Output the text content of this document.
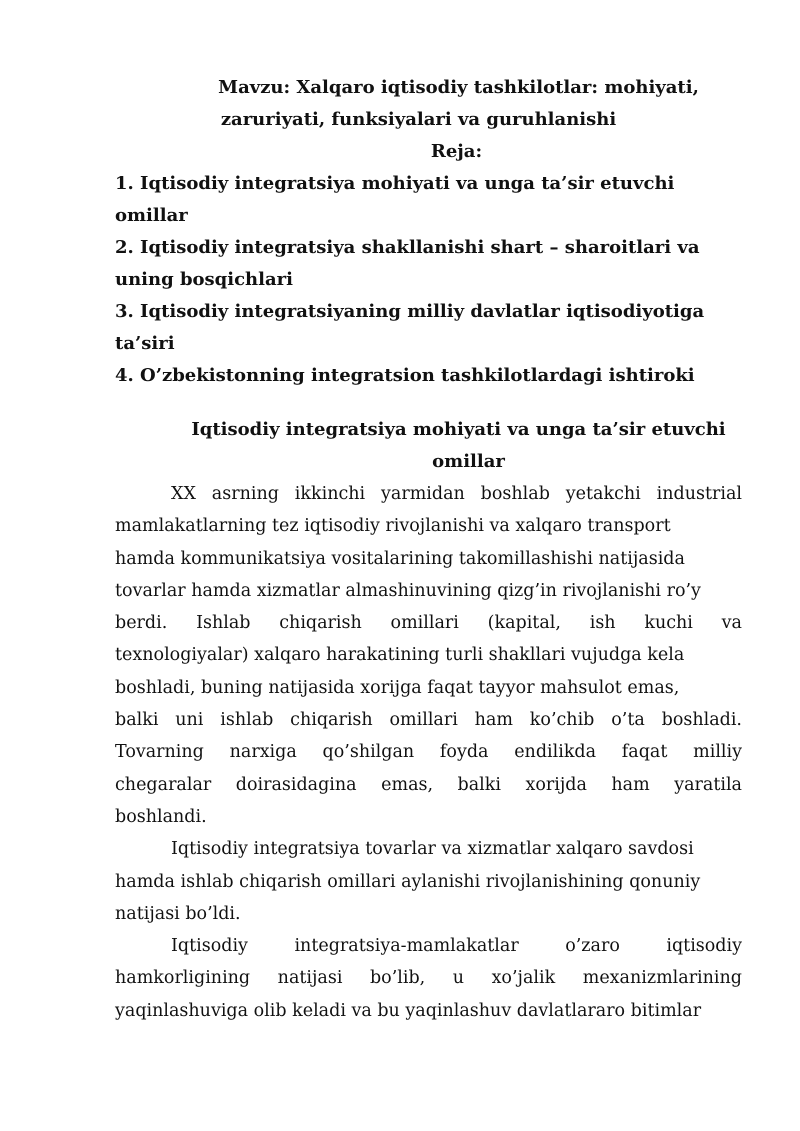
Mavzu: Xalqaro iqtisodiy tashkilotlar: mohiyati,
zaruriyati, funksiyalari va guruhlanishi

Reja:

1. Iqtisodiy integratsiya mohiyati va unga ta’sir etuvchi
omillar
2. Iqtisodiy integratsiya shakllanishi shart – sharoitlari va
uning bosqichlari
3. Iqtisodiy integratsiyaning milliy davlatlar iqtisodiyotiga
ta’siri
4. O’zbekistonning integratsion tashkilotlardagi ishtiroki
Iqtisodiy integratsiya mohiyati va unga ta’sir etuvchi
omillar
XX asrning ikkinchi yarmidan boshlab yetakchi industrial
mamlakatlarning tez iqtisodiy rivojlanishi va xalqaro transport
hamda kommunikatsiya vositalarining takomillashishi natijasida
tovarlar hamda xizmatlar almashinuvining qizg’in rivojlanishi ro’y
berdi. Ishlab chiqarish omillari (kapital, ish kuchi va
texnologiyalar) xalqaro harakatining turli shakllari vujudga kela
boshladi, buning natijasida xorijga faqat tayyor mahsulot emas,
balki uni ishlab chiqarish omillari ham ko’chib o’ta boshladi.
Tovarning narxiga qo’shilgan foyda endilikda faqat milliy
chegaralar doirasidagina emas, balki xorijda ham yaratila
boshlandi.
Iqtisodiy integratsiya tovarlar va xizmatlar xalqaro savdosi
hamda ishlab chiqarish omillari aylanishi rivojlanishining qonuniy
natijasi bo’ldi.
Iqtisodiy integratsiya-mamlakatlar o’zaro iqtisodiy
hamkorligining natijasi bo’lib, u xo’jalik mexanizmlarining
yaqinlashuviga olib keladi va bu yaqinlashuv davlatlararo bitimlar
